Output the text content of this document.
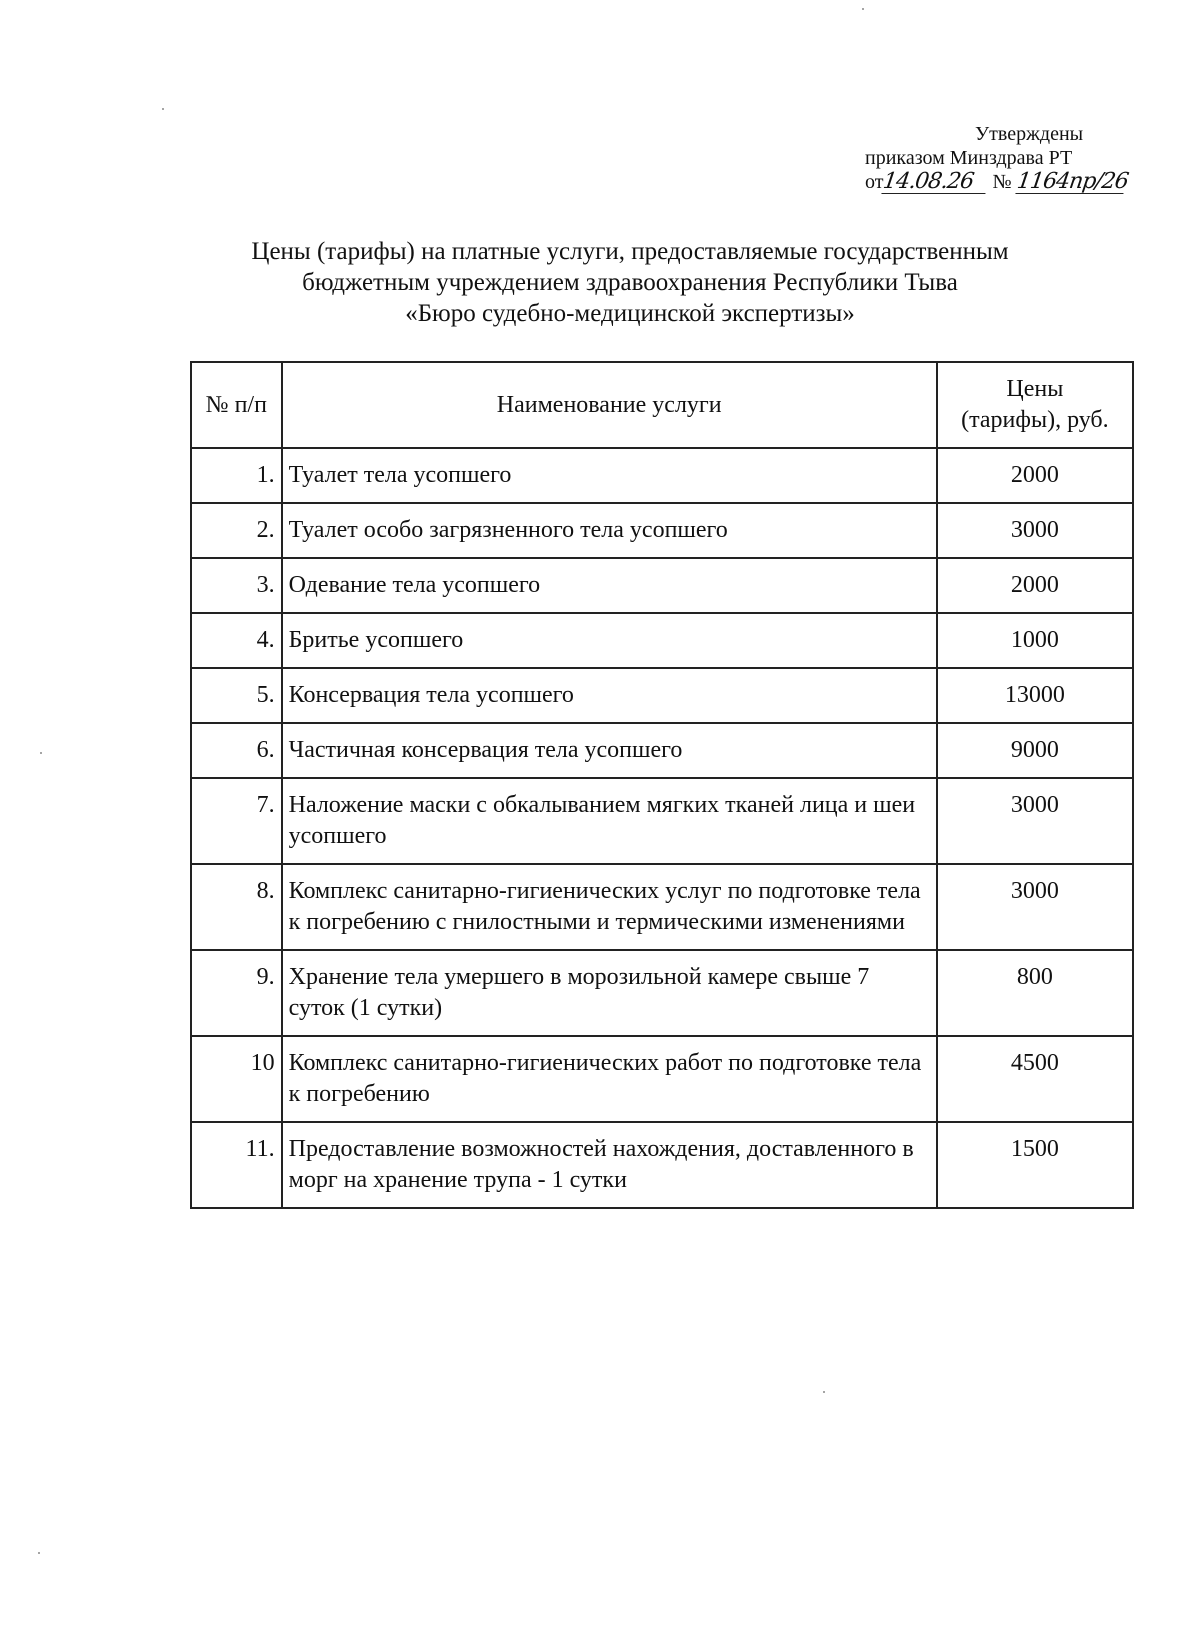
Утверждены
приказом Минздрава РТ
от14.08.26 № 1164пр/26
Цены (тарифы) на платные услуги, предоставляемые государственным
бюджетным учреждением здравоохранения Республики Тыва
«Бюро судебно-медицинской экспертизы»
№ п/п	Наименование услуги	Цены
(тарифы), руб.

1.	Туалет тела усопшего	2000
2.	Туалет особо загрязненного тела усопшего	3000
3.	Одевание тела усопшего	2000
4.	Бритье усопшего	1000
5.	Консервация тела усопшего	13000
6.	Частичная консервация тела усопшего	9000
7.	Наложение маски с обкалыванием мягких тканей лица и шеи усопшего	3000
8.	Комплекс санитарно-гигиенических услуг по подготовке тела к погребению с гнилостными и термическими изменениями	3000
9.	Хранение тела умершего в морозильной камере свыше 7 суток (1 сутки)	800
10	Комплекс санитарно-гигиенических работ по подготовке тела к погребению	4500
11.	Предоставление возможностей нахождения, доставленного в морг на хранение трупа - 1 сутки	1500
